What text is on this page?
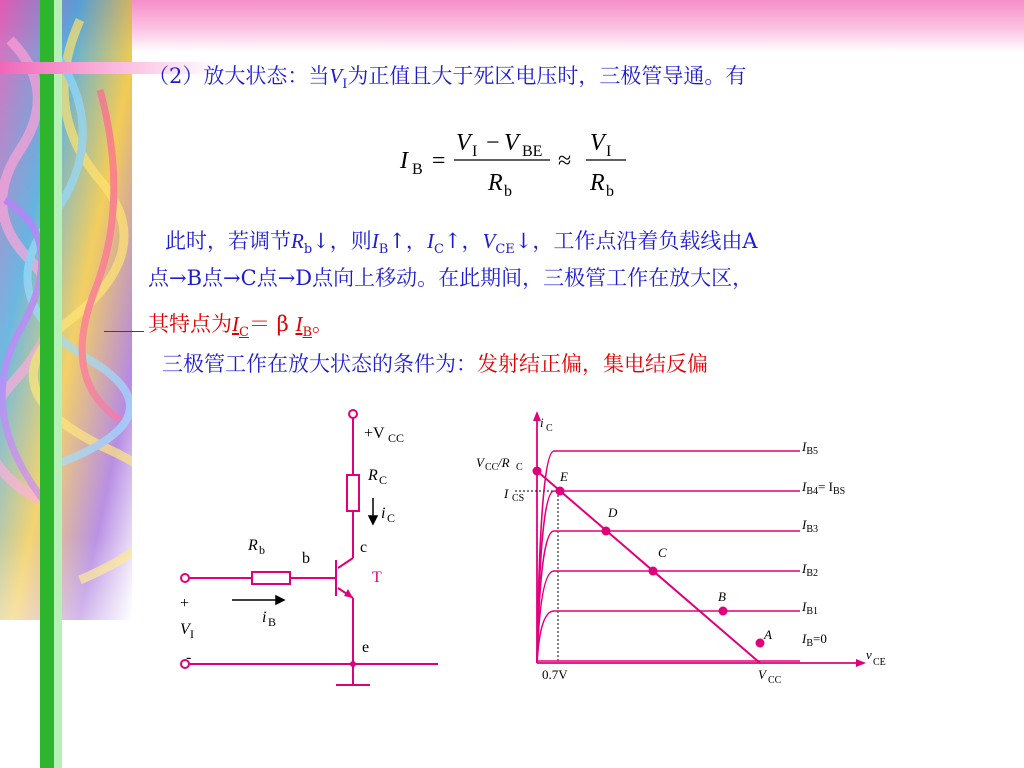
（2）放大状态：当$V_I$为正值且大于死区电压时，三极管导通。有
I B =
V I − V BE
R b
≈
V I
R b
此时，若调节$R_b↓$，则$I_B↑$，$I_C↑$，$V_{CE}↓$，工作点沿着负载线由A
点→B点→C点→D点向上移动。在此期间，三极管工作在放大区，
其特点为$I_C= \beta$ $I_B$。
三极管工作在放大状态的条件为：发射结正偏，集电结反偏
+V CC
R C
i C
R b b
c
T
e
+
V I
-
i B
E
D
C
B
A
i C
v
CE
V CC /R C
I CS
0.7V	V CC
$I_{B5}$
$I_{B4}= I_{BS}$
$I_{B3}$
$I_{B2}$
$I_{B1}$
$I_B=0$
